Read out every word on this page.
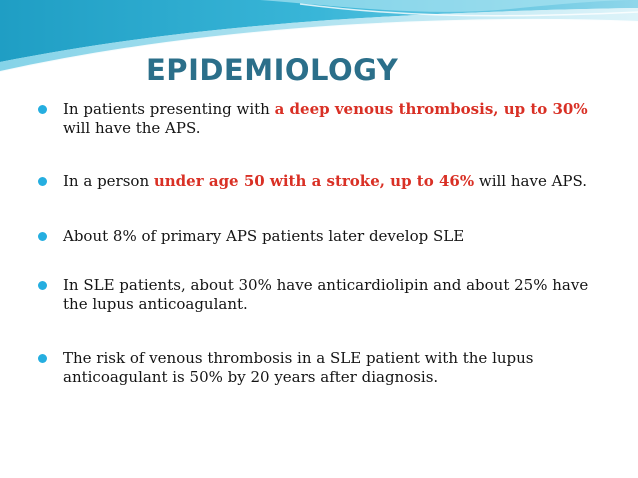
EPIDEMIOLOGY
In patients presenting with a deep venous thrombosis, up to 30% will have the APS.
In a person under age 50 with a stroke, up to 46% will have APS.
About 8% of primary APS patients later develop SLE
In SLE patients, about 30% have anticardiolipin and about 25% have the lupus anticoagulant.
The risk of venous thrombosis in a SLE patient with the lupus anticoagulant is 50% by 20 years after diagnosis.
